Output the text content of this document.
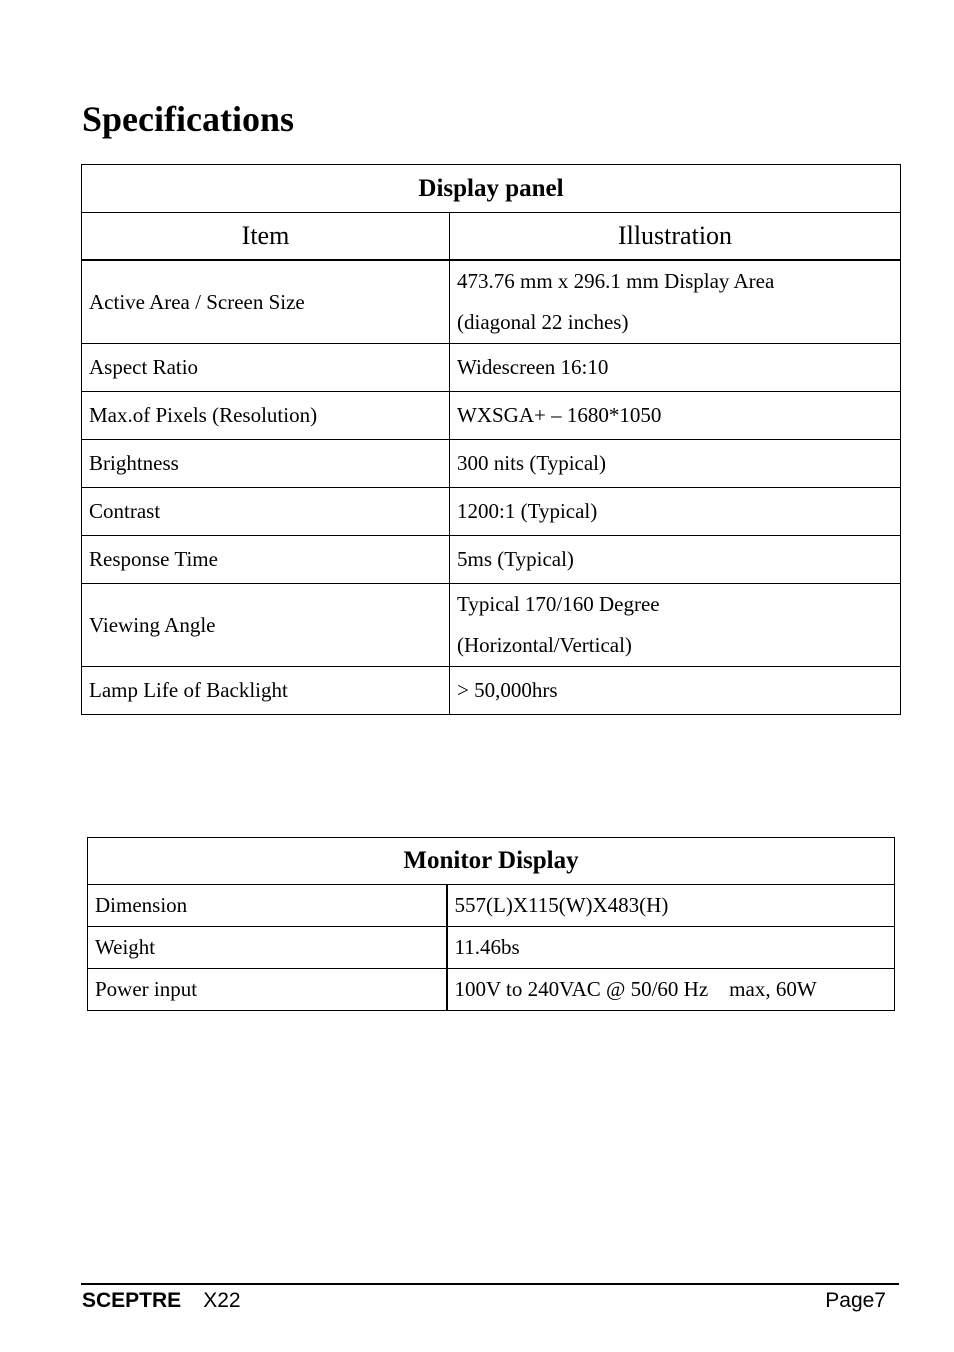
Specifications
Display panel	
Item	Illustration
Active Area / Screen Size	473.76 mm x 296.1 mm Display Area
(diagonal 22 inches)

Aspect Ratio	Widescreen 16:10
Max.of Pixels (Resolution)	WXSGA+ – 1680*1050
Brightness	300 nits (Typical)
Contrast	1200:1 (Typical)
Response Time	5ms (Typical)
Viewing Angle	Typical 170/160 Degree
(Horizontal/Vertical)

Lamp Life of Backlight	> 50,000hrs
Monitor Display	
Dimension	557(L)X115(W)X483(H)
Weight	11.46bs
Power input	100V to 240VAC @ 50/60 Hz    max, 60W
SCEPTRE X22	Page7
